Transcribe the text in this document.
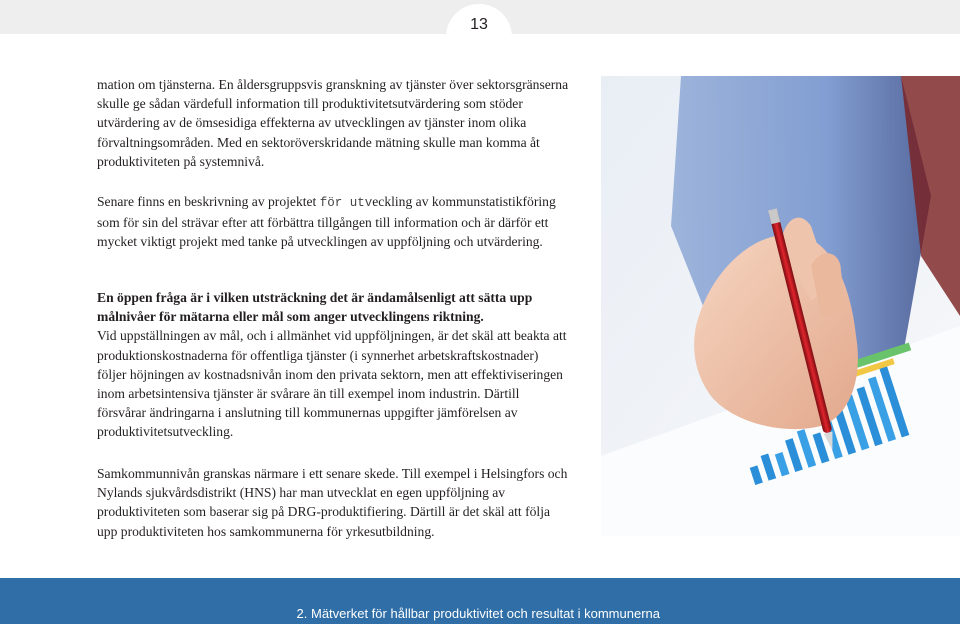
13

mation om tjänsterna. En åldersgruppsvis granskning av tjänster över sektorsgränserna skulle ge sådan värdefull information till produktivitetsutvärdering som stöder utvärdering av de ömsesidiga effekterna av utvecklingen av tjänster inom olika förvaltningsområden. Med en sektoröverskridande mätning skulle man komma åt produktiviteten på systemnivå.

Senare finns en beskrivning av projektet för utveckling av kommunstatistikföring som för sin del strävar efter att förbättra tillgången till information och är därför ett mycket viktigt projekt med tanke på utvecklingen av uppföljning och utvärdering.

En öppen fråga är i vilken utsträckning det är ändamålsenligt att sätta upp målnivåer för mätarna eller mål som anger utvecklingens riktning.

Vid uppställningen av mål, och i allmänhet vid uppföljningen, är det skäl att beakta att produktionskostnaderna för offentliga tjänster (i synnerhet arbetskraftskostnader) följer höjningen av kostnadsnivån inom den privata sektorn, men att effektiviseringen inom arbetsintensiva tjänster är svårare än till exempel inom industrin. Därtill försvårar ändringarna i anslutning till kommunernas uppgifter jämförelsen av produktivitetsutveckling.

Samkommunnivån granskas närmare i ett senare skede. Till exempel i Helsingfors och Nylands sjukvårdsdistrikt (HNS) har man utvecklat en egen uppföljning av produktiviteten som baserar sig på DRG-produktifiering. Därtill är det skäl att följa upp produktiviteten hos samkommunerna för yrkesutbildning.

2. Mätverket för hållbar produktivitet och resultat i kommunerna
